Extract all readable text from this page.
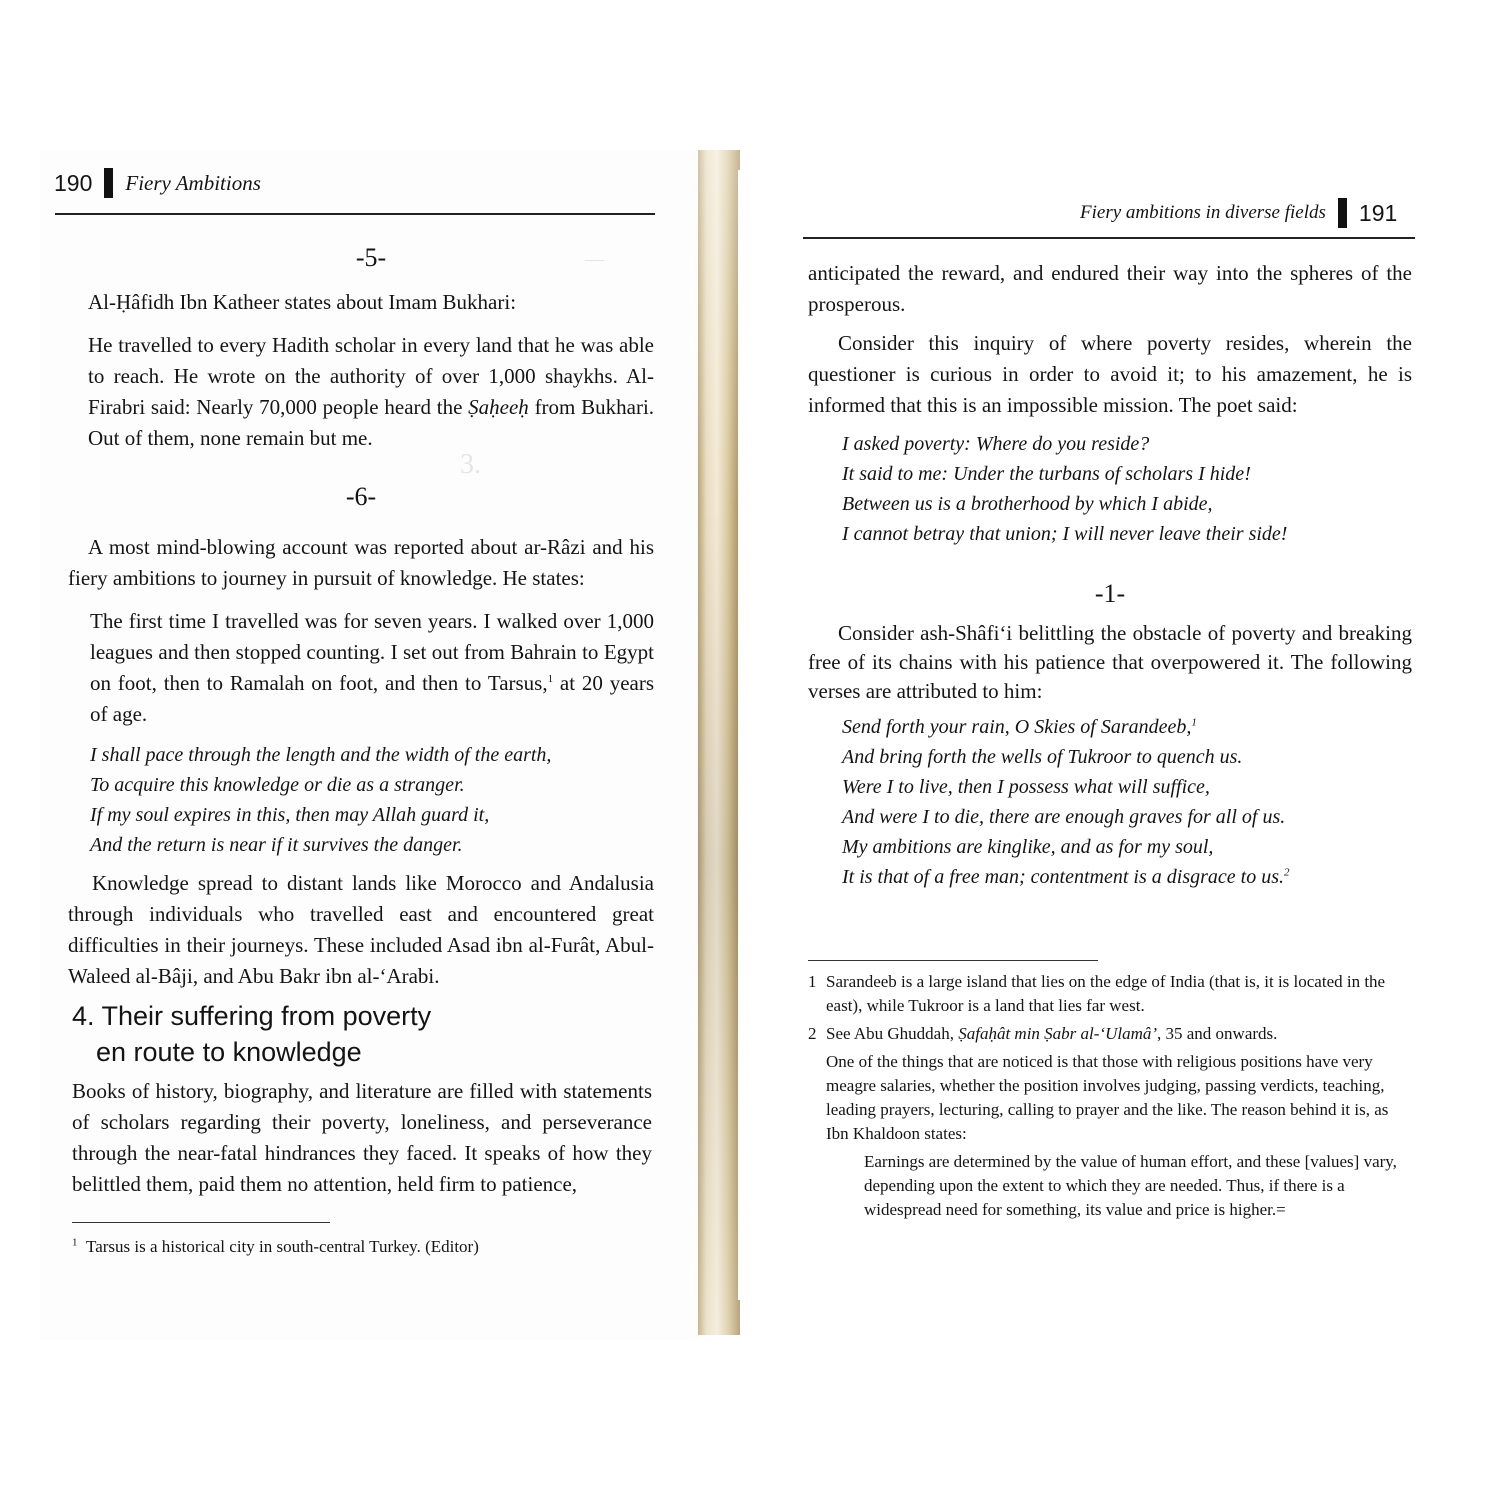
—
3.
190 Fiery Ambitions

-5-

Al-Ḥâfidh Ibn Katheer states about Imam Bukhari:

He travelled to every Hadith scholar in every land that he was able to reach. He wrote on the authority of over 1,000 shaykhs. Al-Firabri said: Nearly 70,000 people heard the Ṣaḥeeḥ from Bukhari. Out of them, none remain but me.

-6-

A most mind-blowing account was reported about ar-Râzi and his fiery ambitions to journey in pursuit of knowledge. He states:

The first time I travelled was for seven years. I walked over 1,000 leagues and then stopped counting. I set out from Bahrain to Egypt on foot, then to Ramalah on foot, and then to Tarsus,$^1$ at 20 years of age.

I shall pace through the length and the width of the earth,
To acquire this knowledge or die as a stranger.
If my soul expires in this, then may Allah guard it,
And the return is near if it survives the danger.

Knowledge spread to distant lands like Morocco and Andalusia through individuals who travelled east and encountered great difficulties in their journeys. These included Asad ibn al-Furât, Abul-Waleed al-Bâji, and Abu Bakr ibn al-ʻArabi.

4. Their suffering from poverty
en route to knowledge

Books of history, biography, and literature are filled with statements of scholars regarding their poverty, loneliness, and perseverance through the near-fatal hindrances they faced. It speaks of how they belittled them, paid them no attention, held firm to patience,

$^1$ Tarsus is a historical city in south-central Turkey. (Editor)

Fiery ambitions in diverse fields 191

anticipated the reward, and endured their way into the spheres of the prosperous.

Consider this inquiry of where poverty resides, wherein the questioner is curious in order to avoid it; to his amazement, he is informed that this is an impossible mission. The poet said:

I asked poverty: Where do you reside?
It said to me: Under the turbans of scholars I hide!
Between us is a brotherhood by which I abide,
I cannot betray that union; I will never leave their side!

-1-

Consider ash-Shâfi‘i belittling the obstacle of poverty and breaking free of its chains with his patience that overpowered it. The following verses are attributed to him:

Send forth your rain, O Skies of Sarandeeb,$^1$
And bring forth the wells of Tukroor to quench us.
Were I to live, then I possess what will suffice,
And were I to die, there are enough graves for all of us.
My ambitions are kinglike, and as for my soul,
It is that of a free man; contentment is a disgrace to us.$^2$
1 Sarandeeb is a large island that lies on the edge of India (that is, it is located in the east), while Tukroor is a land that lies far west.
2 See Abu Ghuddah, Ṣafaḥât min Ṣabr al-‘Ulamâ’, 35 and onwards.

One of the things that are noticed is that those with religious positions have very meagre salaries, whether the position involves judging, passing verdicts, teaching, leading prayers, lecturing, calling to prayer and the like. The reason behind it is, as Ibn Khaldoon states:

Earnings are determined by the value of human effort, and these [values] vary, depending upon the extent to which they are needed. Thus, if there is a widespread need for something, its value and price is higher.=
